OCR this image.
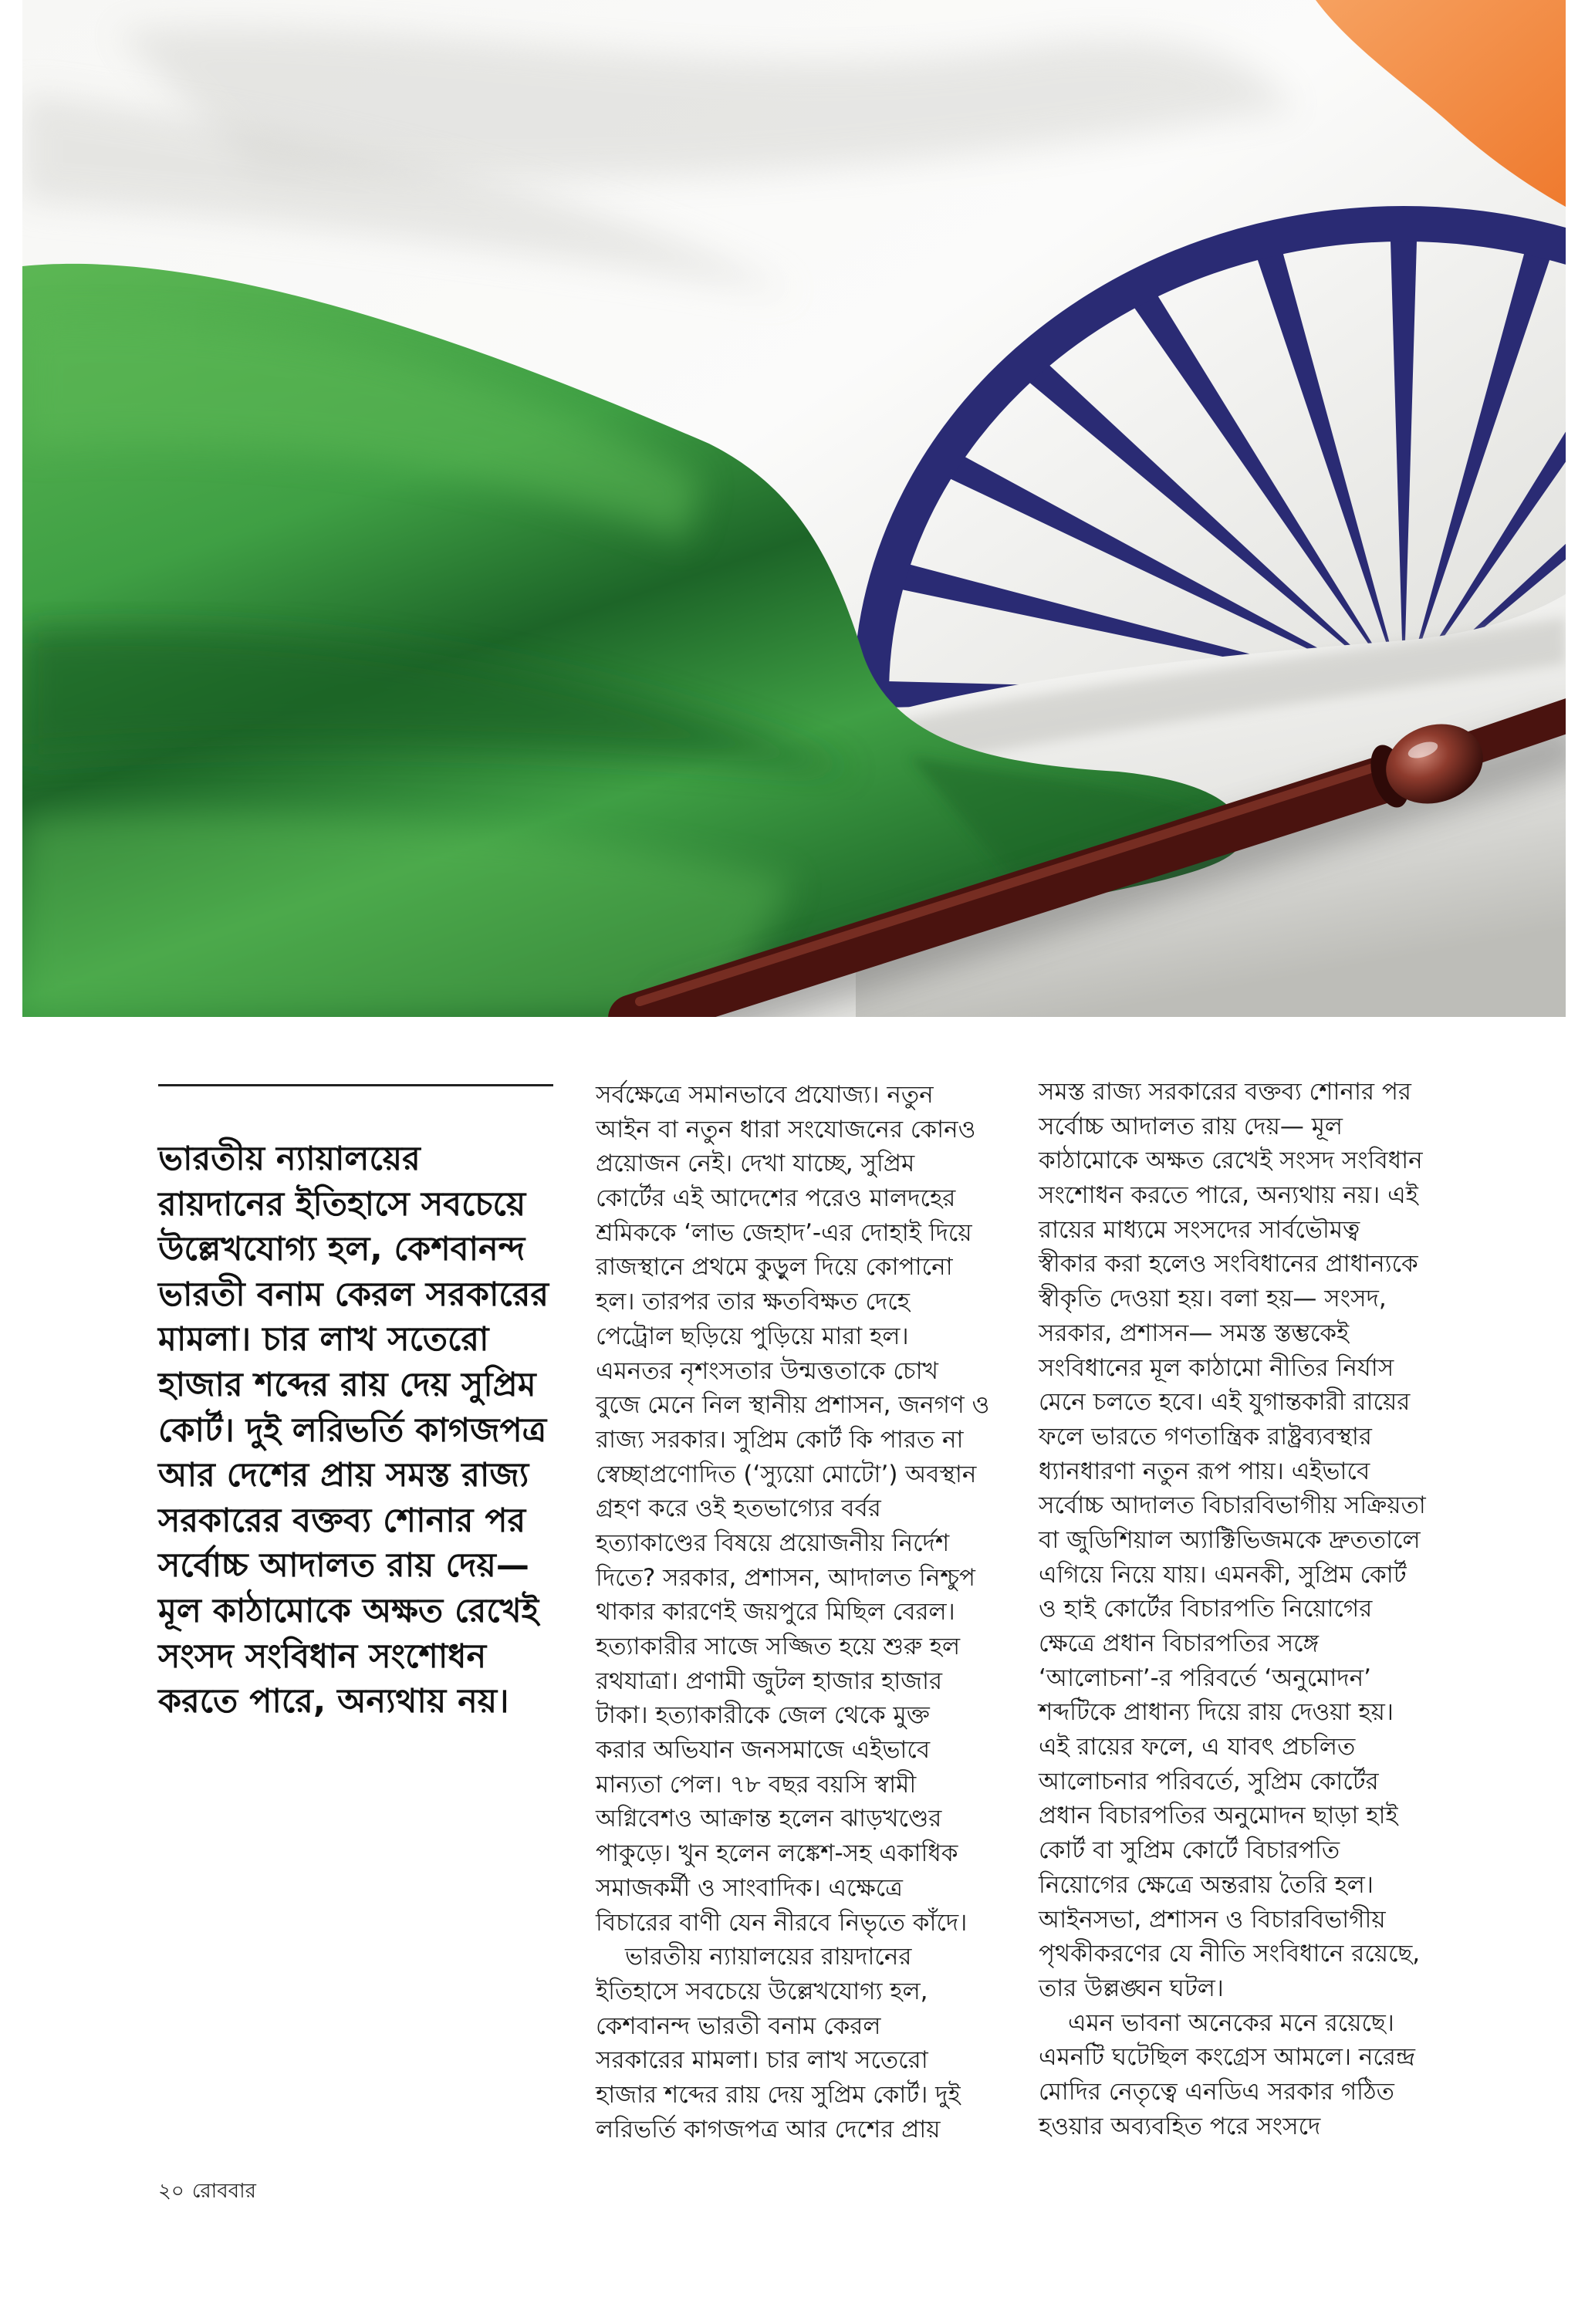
ভারতীয় ন্যায়ালয়ের
রায়দানের ইতিহাসে সবচেয়ে
উল্লেখযোগ্য হল, কেশবানন্দ
ভারতী বনাম কেরল সরকারের
মামলা। চার লাখ সতেরো
হাজার শব্দের রায় দেয় সুপ্রিম
কোর্ট। দুই লরিভর্তি কাগজপত্র
আর দেশের প্রায় সমস্ত রাজ্য
সরকারের বক্তব্য শোনার পর
সর্বোচ্চ আদালত রায় দেয়—
মূল কাঠামোকে অক্ষত রেখেই
সংসদ সংবিধান সংশোধন
করতে পারে, অন্যথায় নয়।
সর্বক্ষেত্রে সমানভাবে প্রযোজ্য। নতুন
আইন বা নতুন ধারা সংযোজনের কোনও
প্রয়োজন নেই। দেখা যাচ্ছে, সুপ্রিম
কোর্টের এই আদেশের পরেও মালদহের
শ্রমিককে ‘লাভ জেহাদ’-এর দোহাই দিয়ে
রাজস্থানে প্রথমে কুড়ুল দিয়ে কোপানো
হল। তারপর তার ক্ষতবিক্ষত দেহে
পেট্রোল ছড়িয়ে পুড়িয়ে মারা হল।
এমনতর নৃশংসতার উন্মত্ততাকে চোখ
বুজে মেনে নিল স্থানীয় প্রশাসন, জনগণ ও
রাজ্য সরকার। সুপ্রিম কোর্ট কি পারত না
স্বেচ্ছাপ্রণোদিত (‘স্যুয়ো মোটো’) অবস্থান
গ্রহণ করে ওই হতভাগ্যের বর্বর
হত্যাকাণ্ডের বিষয়ে প্রয়োজনীয় নির্দেশ
দিতে? সরকার, প্রশাসন, আদালত নিশ্চুপ
থাকার কারণেই জয়পুরে মিছিল বেরল।
হত্যাকারীর সাজে সজ্জিত হয়ে শুরু হল
রথযাত্রা। প্রণামী জুটল হাজার হাজার
টাকা। হত্যাকারীকে জেল থেকে মুক্ত
করার অভিযান জনসমাজে এইভাবে
মান্যতা পেল। ৭৮ বছর বয়সি স্বামী
অগ্নিবেশও আক্রান্ত হলেন ঝাড়খণ্ডের
পাকুড়ে। খুন হলেন লঙ্কেশ-সহ একাধিক
সমাজকর্মী ও সাংবাদিক। এক্ষেত্রে
বিচারের বাণী যেন নীরবে নিভৃতে কাঁদে।
ভারতীয় ন্যায়ালয়ের রায়দানের
ইতিহাসে সবচেয়ে উল্লেখযোগ্য হল,
কেশবানন্দ ভারতী বনাম কেরল
সরকারের মামলা। চার লাখ সতেরো
হাজার শব্দের রায় দেয় সুপ্রিম কোর্ট। দুই
লরিভর্তি কাগজপত্র আর দেশের প্রায়
সমস্ত রাজ্য সরকারের বক্তব্য শোনার পর
সর্বোচ্চ আদালত রায় দেয়— মূল
কাঠামোকে অক্ষত রেখেই সংসদ সংবিধান
সংশোধন করতে পারে, অন্যথায় নয়। এই
রায়ের মাধ্যমে সংসদের সার্বভৌমত্ব
স্বীকার করা হলেও সংবিধানের প্রাধান্যকে
স্বীকৃতি দেওয়া হয়। বলা হয়— সংসদ,
সরকার, প্রশাসন— সমস্ত স্তম্ভকেই
সংবিধানের মূল কাঠামো নীতির নির্যাস
মেনে চলতে হবে। এই যুগান্তকারী রায়ের
ফলে ভারতে গণতান্ত্রিক রাষ্ট্রব্যবস্থার
ধ্যানধারণা নতুন রূপ পায়। এইভাবে
সর্বোচ্চ আদালত বিচারবিভাগীয় সক্রিয়তা
বা জুডিশিয়াল অ্যাক্টিভিজমকে দ্রুততালে
এগিয়ে নিয়ে যায়। এমনকী, সুপ্রিম কোর্ট
ও হাই কোর্টের বিচারপতি নিয়োগের
ক্ষেত্রে প্রধান বিচারপতির সঙ্গে
‘আলোচনা’-র পরিবর্তে ‘অনুমোদন’
শব্দটিকে প্রাধান্য দিয়ে রায় দেওয়া হয়।
এই রায়ের ফলে, এ যাবৎ প্রচলিত
আলোচনার পরিবর্তে, সুপ্রিম কোর্টের
প্রধান বিচারপতির অনুমোদন ছাড়া হাই
কোর্ট বা সুপ্রিম কোর্টে বিচারপতি
নিয়োগের ক্ষেত্রে অন্তরায় তৈরি হল।
আইনসভা, প্রশাসন ও বিচারবিভাগীয়
পৃথকীকরণের যে নীতি সংবিধানে রয়েছে,
তার উল্লঙ্ঘন ঘটল।
এমন ভাবনা অনেকের মনে রয়েছে।
এমনটি ঘটেছিল কংগ্রেস আমলে। নরেন্দ্র
মোদির নেতৃত্বে এনডিএ সরকার গঠিত
হওয়ার অব্যবহিত পরে সংসদে
২০ রোববার
